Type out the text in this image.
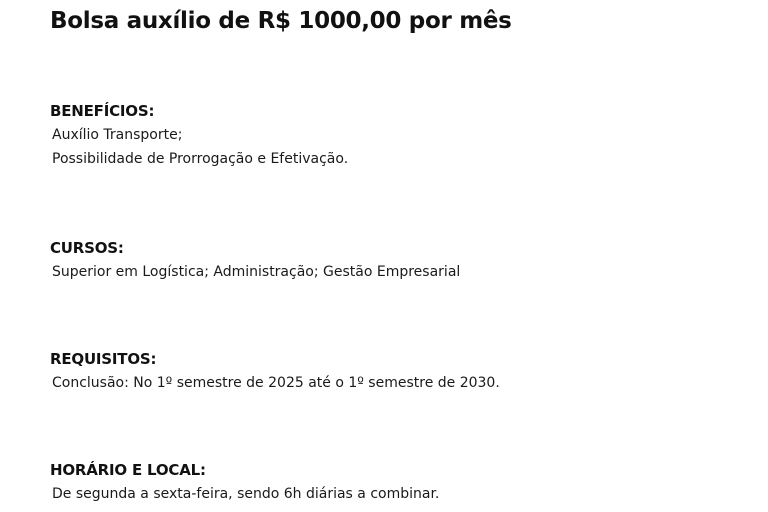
Bolsa auxílio de R$ 1000,00 por mês
BENEFÍCIOS:
Auxílio Transporte;
Possibilidade de Prorrogação e Efetivação.
CURSOS:
Superior em Logística; Administração; Gestão Empresarial
REQUISITOS:
Conclusão: No 1º semestre de 2025 até o 1º semestre de 2030.
HORÁRIO E LOCAL:
De segunda a sexta-feira, sendo 6h diárias a combinar.
